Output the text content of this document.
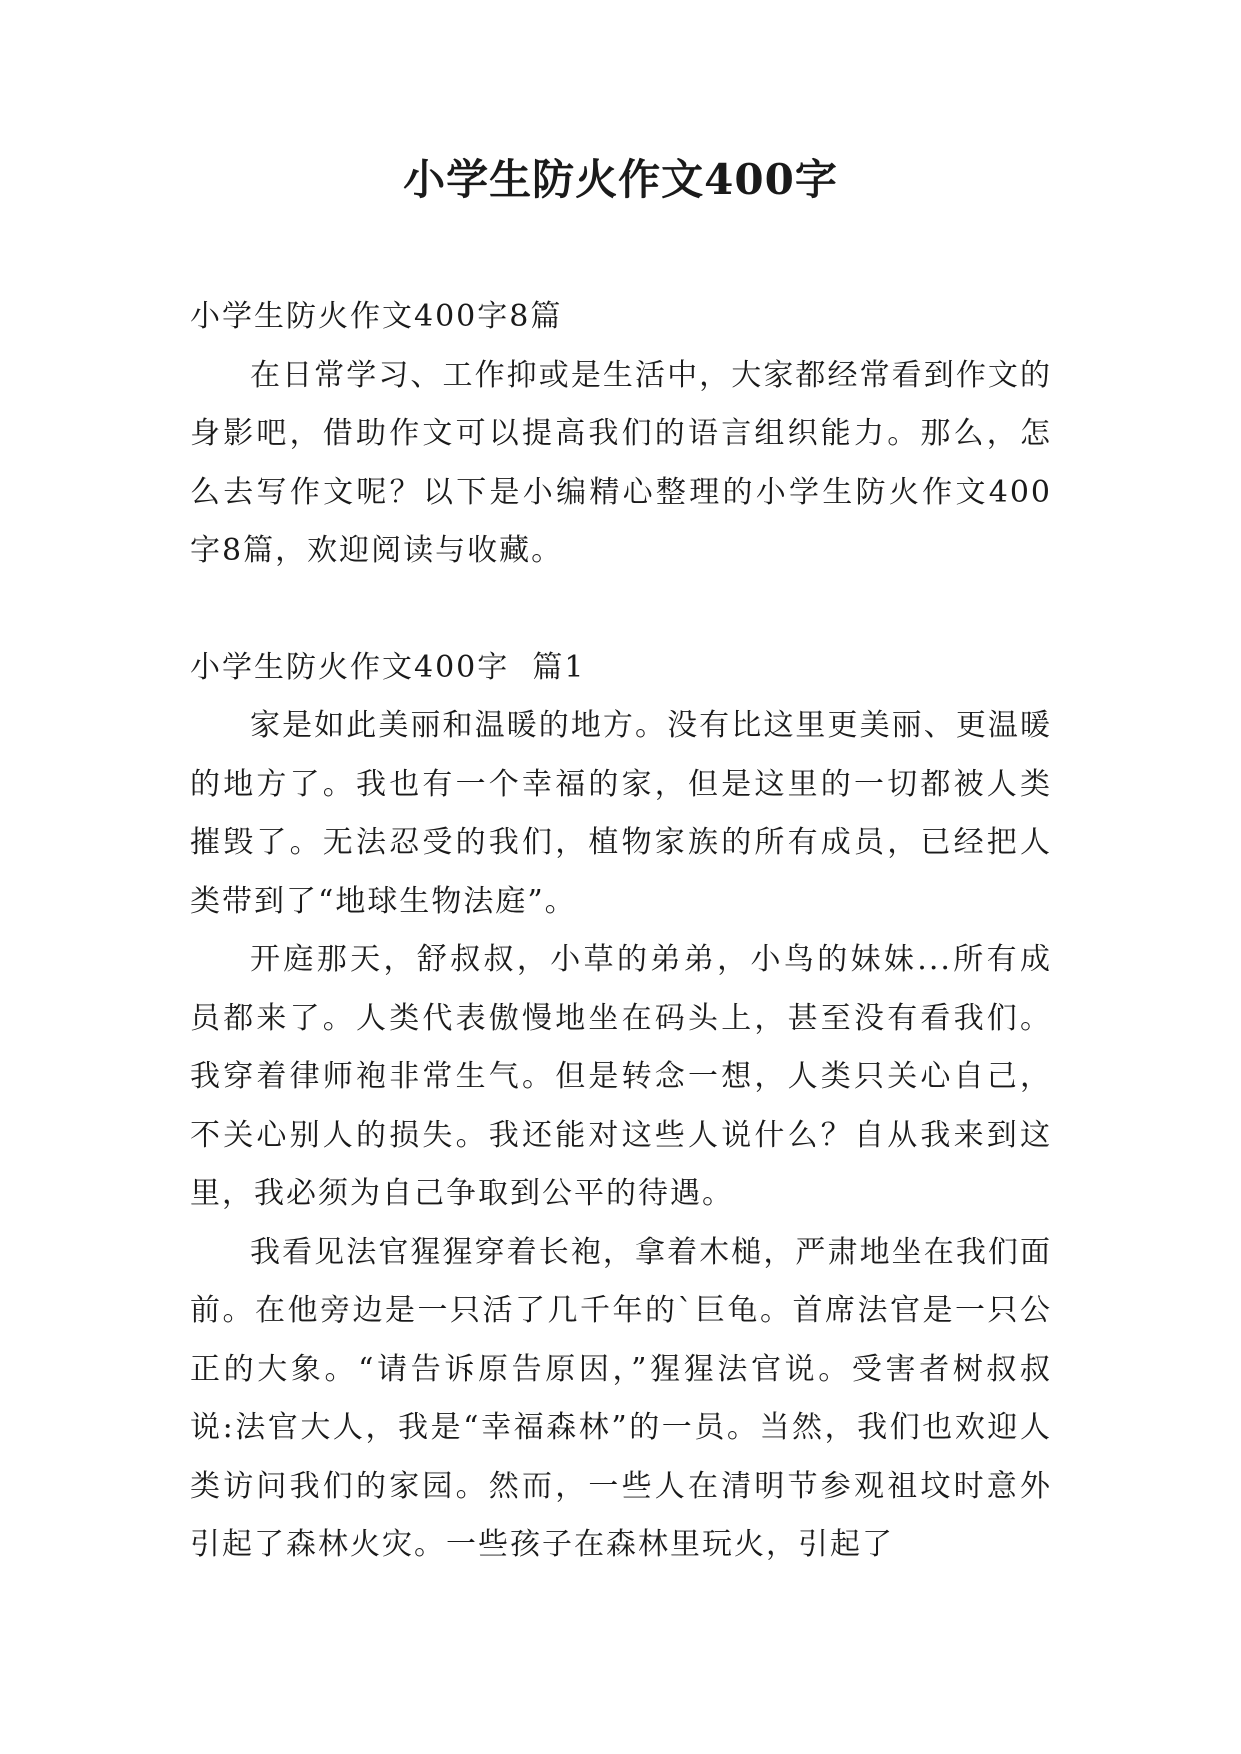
小学生防火作文400字

小学生防火作文400字8篇

在日常学习、工作抑或是生活中，大家都经常看到作文的身影吧，借助作文可以提高我们的语言组织能力。那么，怎么去写作文呢？以下是小编精心整理的小学生防火作文400字8篇，欢迎阅读与收藏。

小学生防火作文400字  篇1

家是如此美丽和温暖的地方。没有比这里更美丽、更温暖的地方了。我也有一个幸福的家，但是这里的一切都被人类摧毁了。无法忍受的我们，植物家族的所有成员，已经把人类带到了“地球生物法庭”。

开庭那天，舒叔叔，小草的弟弟，小鸟的妹妹...所有成员都来了。人类代表傲慢地坐在码头上，甚至没有看我们。我穿着律师袍非常生气。但是转念一想，人类只关心自己，不关心别人的损失。我还能对这些人说什么？自从我来到这里，我必须为自己争取到公平的待遇。

我看见法官猩猩穿着长袍，拿着木槌，严肃地坐在我们面前。在他旁边是一只活了几千年的`巨龟。首席法官是一只公正的大象。“请告诉原告原因，”猩猩法官说。受害者树叔叔说:法官大人，我是“幸福森林”的一员。当然，我们也欢迎人类访问我们的家园。然而，一些人在清明节参观祖坟时意外引起了森林火灾。一些孩子在森林里玩火，引起了
